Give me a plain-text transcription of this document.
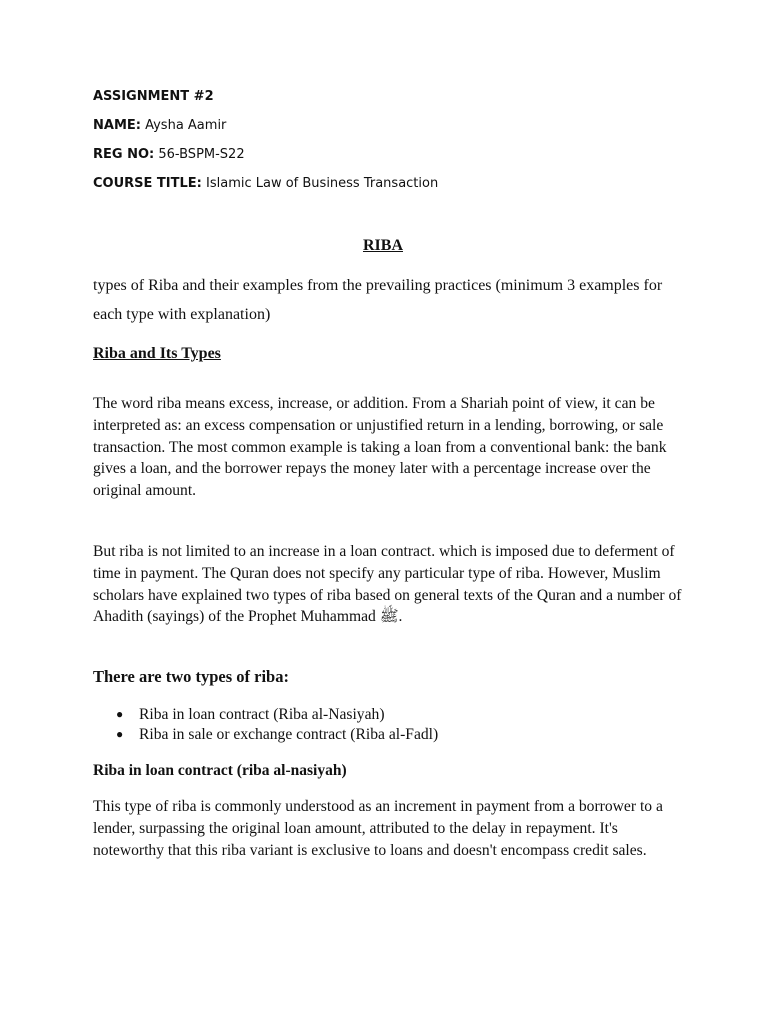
ASSIGNMENT #2
NAME: Aysha Aamir
REG NO: 56-BSPM-S22
COURSE TITLE: Islamic Law of Business Transaction
RIBA
types of Riba and their examples from the prevailing practices (minimum 3 examples for each type with explanation)
Riba and Its Types

The word riba means excess, increase, or addition. From a Shariah point of view, it can be interpreted as: an excess compensation or unjustified return in a lending, borrowing, or sale transaction. The most common example is taking a loan from a conventional bank: the bank gives a loan, and the borrower repays the money later with a percentage increase over the original amount.

But riba is not limited to an increase in a loan contract. which is imposed due to deferment of time in payment. The Quran does not specify any particular type of riba. However, Muslim scholars have explained two types of riba based on general texts of the Quran and a number of Ahadith (sayings) of the Prophet Muhammad ﷺ.

There are two types of riba:
● Riba in loan contract (Riba al-Nasiyah)
● Riba in sale or exchange contract (Riba al-Fadl)
Riba in loan contract (riba al-nasiyah)

This type of riba is commonly understood as an increment in payment from a borrower to a lender, surpassing the original loan amount, attributed to the delay in repayment. It's noteworthy that this riba variant is exclusive to loans and doesn't encompass credit sales.
